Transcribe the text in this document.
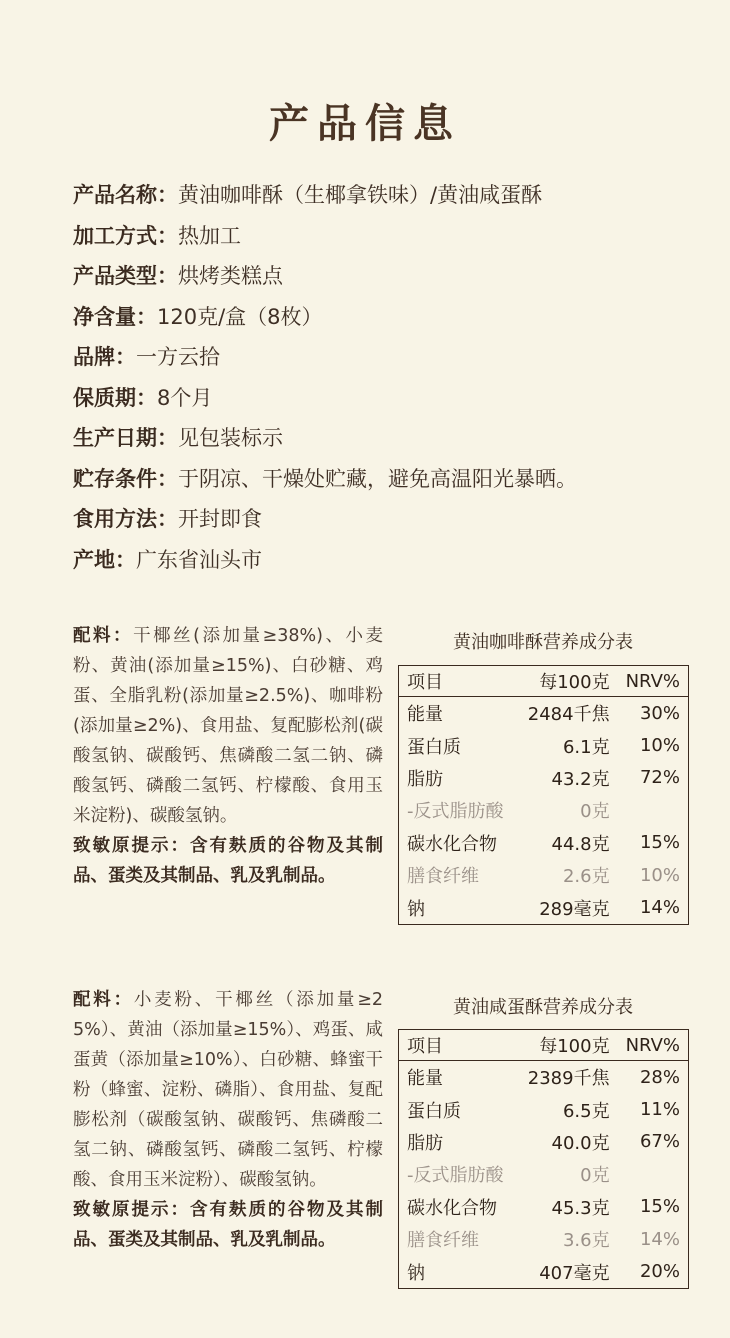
产品信息
产品名称：黄油咖啡酥（生椰拿铁味）/黄油咸蛋酥
加工方式：热加工
产品类型：烘烤类糕点
净含量：120克/盒（8枚）
品牌：一方云拾
保质期：8个月
生产日期：见包装标示
贮存条件：于阴凉、干燥处贮藏，避免高温阳光暴晒。
食用方法：开封即食
产地：广东省汕头市
配料：干椰丝(添加量≥38%)、小麦粉、黄油(添加量≥15%)、白砂糖、鸡蛋、全脂乳粉(添加量≥2.5%)、咖啡粉(添加量≥2%)、食用盐、复配膨松剂(碳酸氢钠、碳酸钙、焦磷酸二氢二钠、磷酸氢钙、磷酸二氢钙、柠檬酸、食用玉米淀粉)、碳酸氢钠。
致敏原提示：含有麸质的谷物及其制品、蛋类及其制品、乳及乳制品。
黄油咖啡酥营养成分表
项目	每100克	NRV%
能量	2484千焦	30%
蛋白质	6.1克	10%
脂肪	43.2克	72%
-反式脂肪酸	0克	
碳水化合物	44.8克	15%
膳食纤维	2.6克	10%
钠	289毫克	14%
配料：小麦粉、干椰丝（添加量≥25%）、黄油（添加量≥15%）、鸡蛋、咸蛋黄（添加量≥10%）、白砂糖、蜂蜜干粉（蜂蜜、淀粉、磷脂）、食用盐、复配膨松剂（碳酸氢钠、碳酸钙、焦磷酸二氢二钠、磷酸氢钙、磷酸二氢钙、柠檬酸、食用玉米淀粉）、碳酸氢钠。
致敏原提示：含有麸质的谷物及其制品、蛋类及其制品、乳及乳制品。
黄油咸蛋酥营养成分表
项目	每100克	NRV%
能量	2389千焦	28%
蛋白质	6.5克	11%
脂肪	40.0克	67%
-反式脂肪酸	0克	
碳水化合物	45.3克	15%
膳食纤维	3.6克	14%
钠	407毫克	20%
